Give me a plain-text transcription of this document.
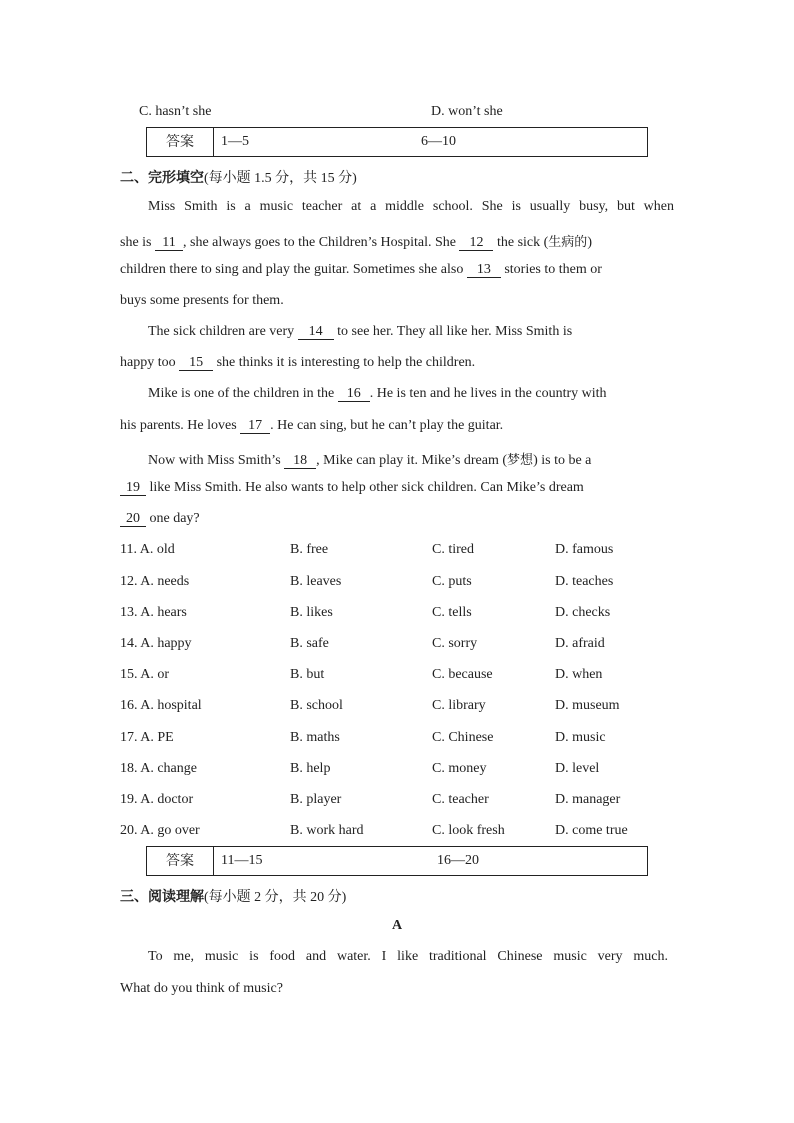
C. hasn’t she	D. won’t she
答案	1—5	6—10
二、完形填空(每小题 1.5 分，共 15 分)
Miss Smith is a music teacher at a middle school. She is usually busy, but when
she is 11 , she always goes to the Children’s Hospital. She 12 the sick (生病的)
children there to sing and play the guitar. Sometimes she also 13 stories to them or
buys some presents for them.
The sick children are very 14 to see her. They all like her. Miss Smith is
happy too 15 she thinks it is interesting to help the children.
Mike is one of the children in the 16 . He is ten and he lives in the country with
his parents. He loves 17 . He can sing, but he can’t play the guitar.
Now with Miss Smith’s 18 , Mike can play it. Mike’s dream (梦想) is to be a
19 like Miss Smith. He also wants to help other sick children. Can Mike’s dream
20 one day?
11. A. old	B. free	C. tired	D. famous
12. A. needs	B. leaves	C. puts	D. teaches
13. A. hears	B. likes	C. tells	D. checks
14. A. happy	B. safe	C. sorry	D. afraid
15. A. or	B. but	C. because	D. when
16. A. hospital	B. school	C. library	D. museum
17. A. PE	B. maths	C. Chinese	D. music
18. A. change	B. help	C. money	D. level
19. A. doctor	B. player	C. teacher	D. manager
20. A. go over	B. work hard	C. look fresh	D. come true
答案	11—15	16—20
三、阅读理解(每小题 2 分，共 20 分)
A
To me, music is food and water. I like traditional Chinese music very much.
What do you think of music?
